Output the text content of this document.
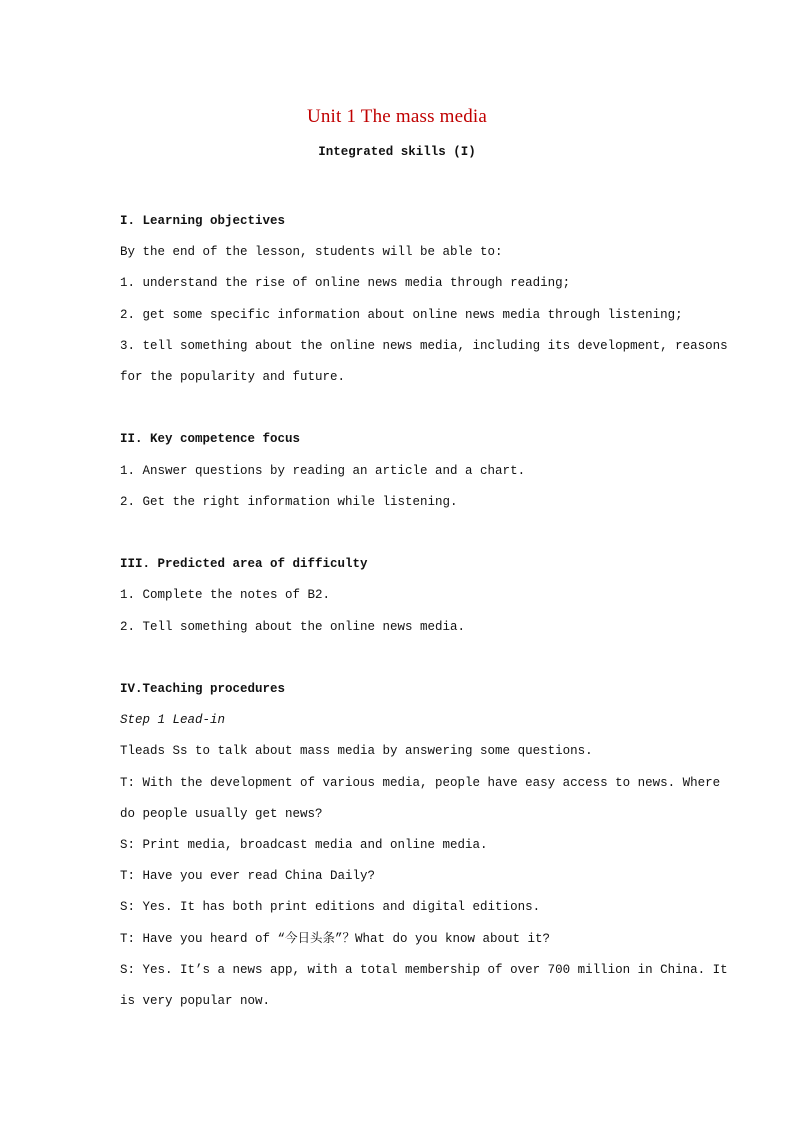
Unit 1 The mass media
Integrated skills (I)
I. Learning objectives
By the end of the lesson, students will be able to:
1. understand the rise of online news media through reading;
2. get some specific information about online news media through listening;
3. tell something about the online news media, including its development, reasons
for the popularity and future.
II. Key competence focus
1. Answer questions by reading an article and a chart.
2. Get the right information while listening.
III. Predicted area of difficulty
1. Complete the notes of B2.
2. Tell something about the online news media.
IV.Teaching procedures
Step 1 Lead-in
Tleads Ss to talk about mass media by answering some questions.
T: With the development of various media, people have easy access to news. Where
do people usually get news?
S: Print media, broadcast media and online media.
T: Have you ever read China Daily?
S: Yes. It has both print editions and digital editions.
T: Have you heard of “今日头条”？What do you know about it?
S: Yes. It’s a news app, with a total membership of over 700 million in China. It
is very popular now.
